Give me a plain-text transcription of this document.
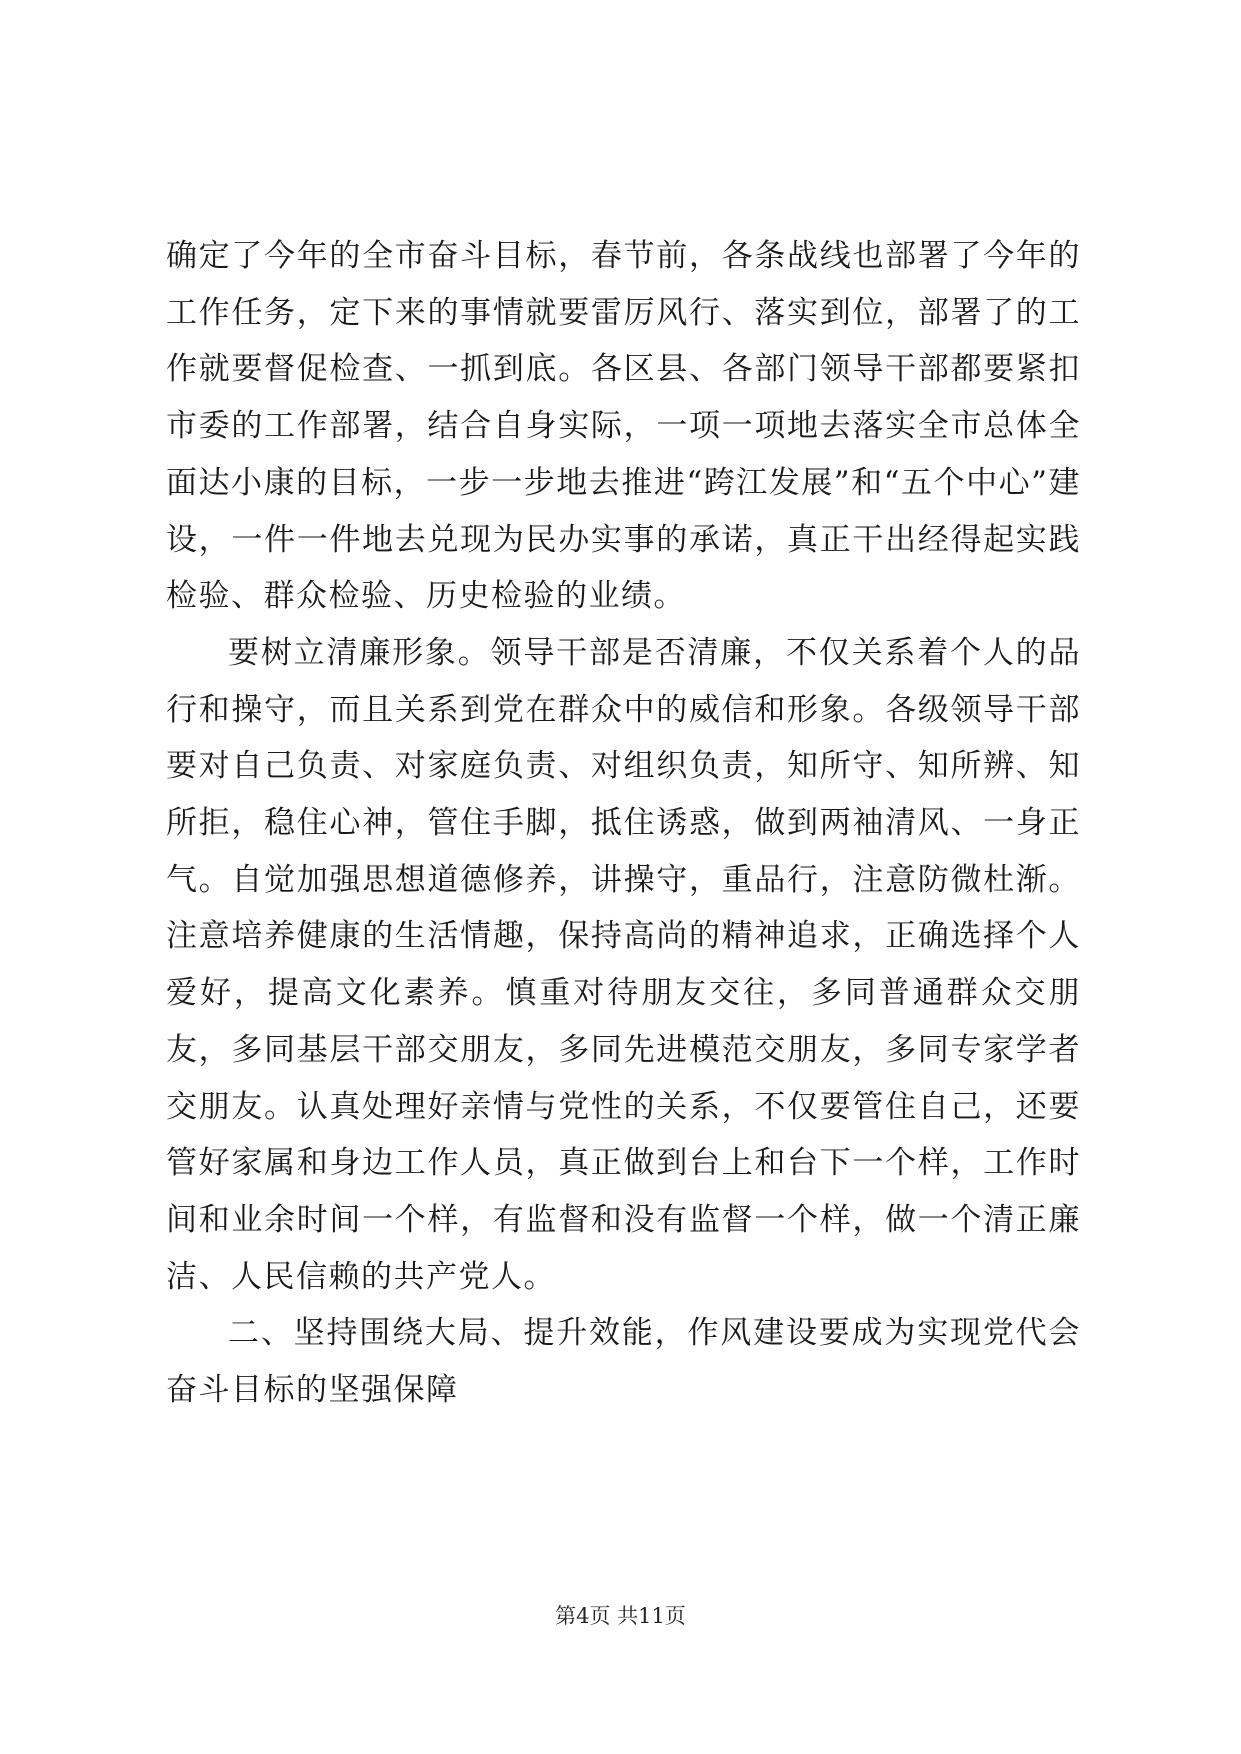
确定了今年的全市奋斗目标，春节前，各条战线也部署了今年的工作任务，定下来的事情就要雷厉风行、落实到位，部署了的工作就要督促检查、一抓到底。各区县、各部门领导干部都要紧扣市委的工作部署，结合自身实际，一项一项地去落实全市总体全面达小康的目标，一步一步地去推进“跨江发展”和“五个中心”建设，一件一件地去兑现为民办实事的承诺，真正干出经得起实践检验、群众检验、历史检验的业绩。

要树立清廉形象。领导干部是否清廉，不仅关系着个人的品行和操守，而且关系到党在群众中的威信和形象。各级领导干部要对自己负责、对家庭负责、对组织负责，知所守、知所辨、知所拒，稳住心神，管住手脚，抵住诱惑，做到两袖清风、一身正气。自觉加强思想道德修养，讲操守，重品行，注意防微杜渐。注意培养健康的生活情趣，保持高尚的精神追求，正确选择个人爱好，提高文化素养。慎重对待朋友交往，多同普通群众交朋友，多同基层干部交朋友，多同先进模范交朋友，多同专家学者交朋友。认真处理好亲情与党性的关系，不仅要管住自己，还要管好家属和身边工作人员，真正做到台上和台下一个样，工作时间和业余时间一个样，有监督和没有监督一个样，做一个清正廉洁、人民信赖的共产党人。

二、坚持围绕大局、提升效能，作风建设要成为实现党代会奋斗目标的坚强保障

第4页 共11页
